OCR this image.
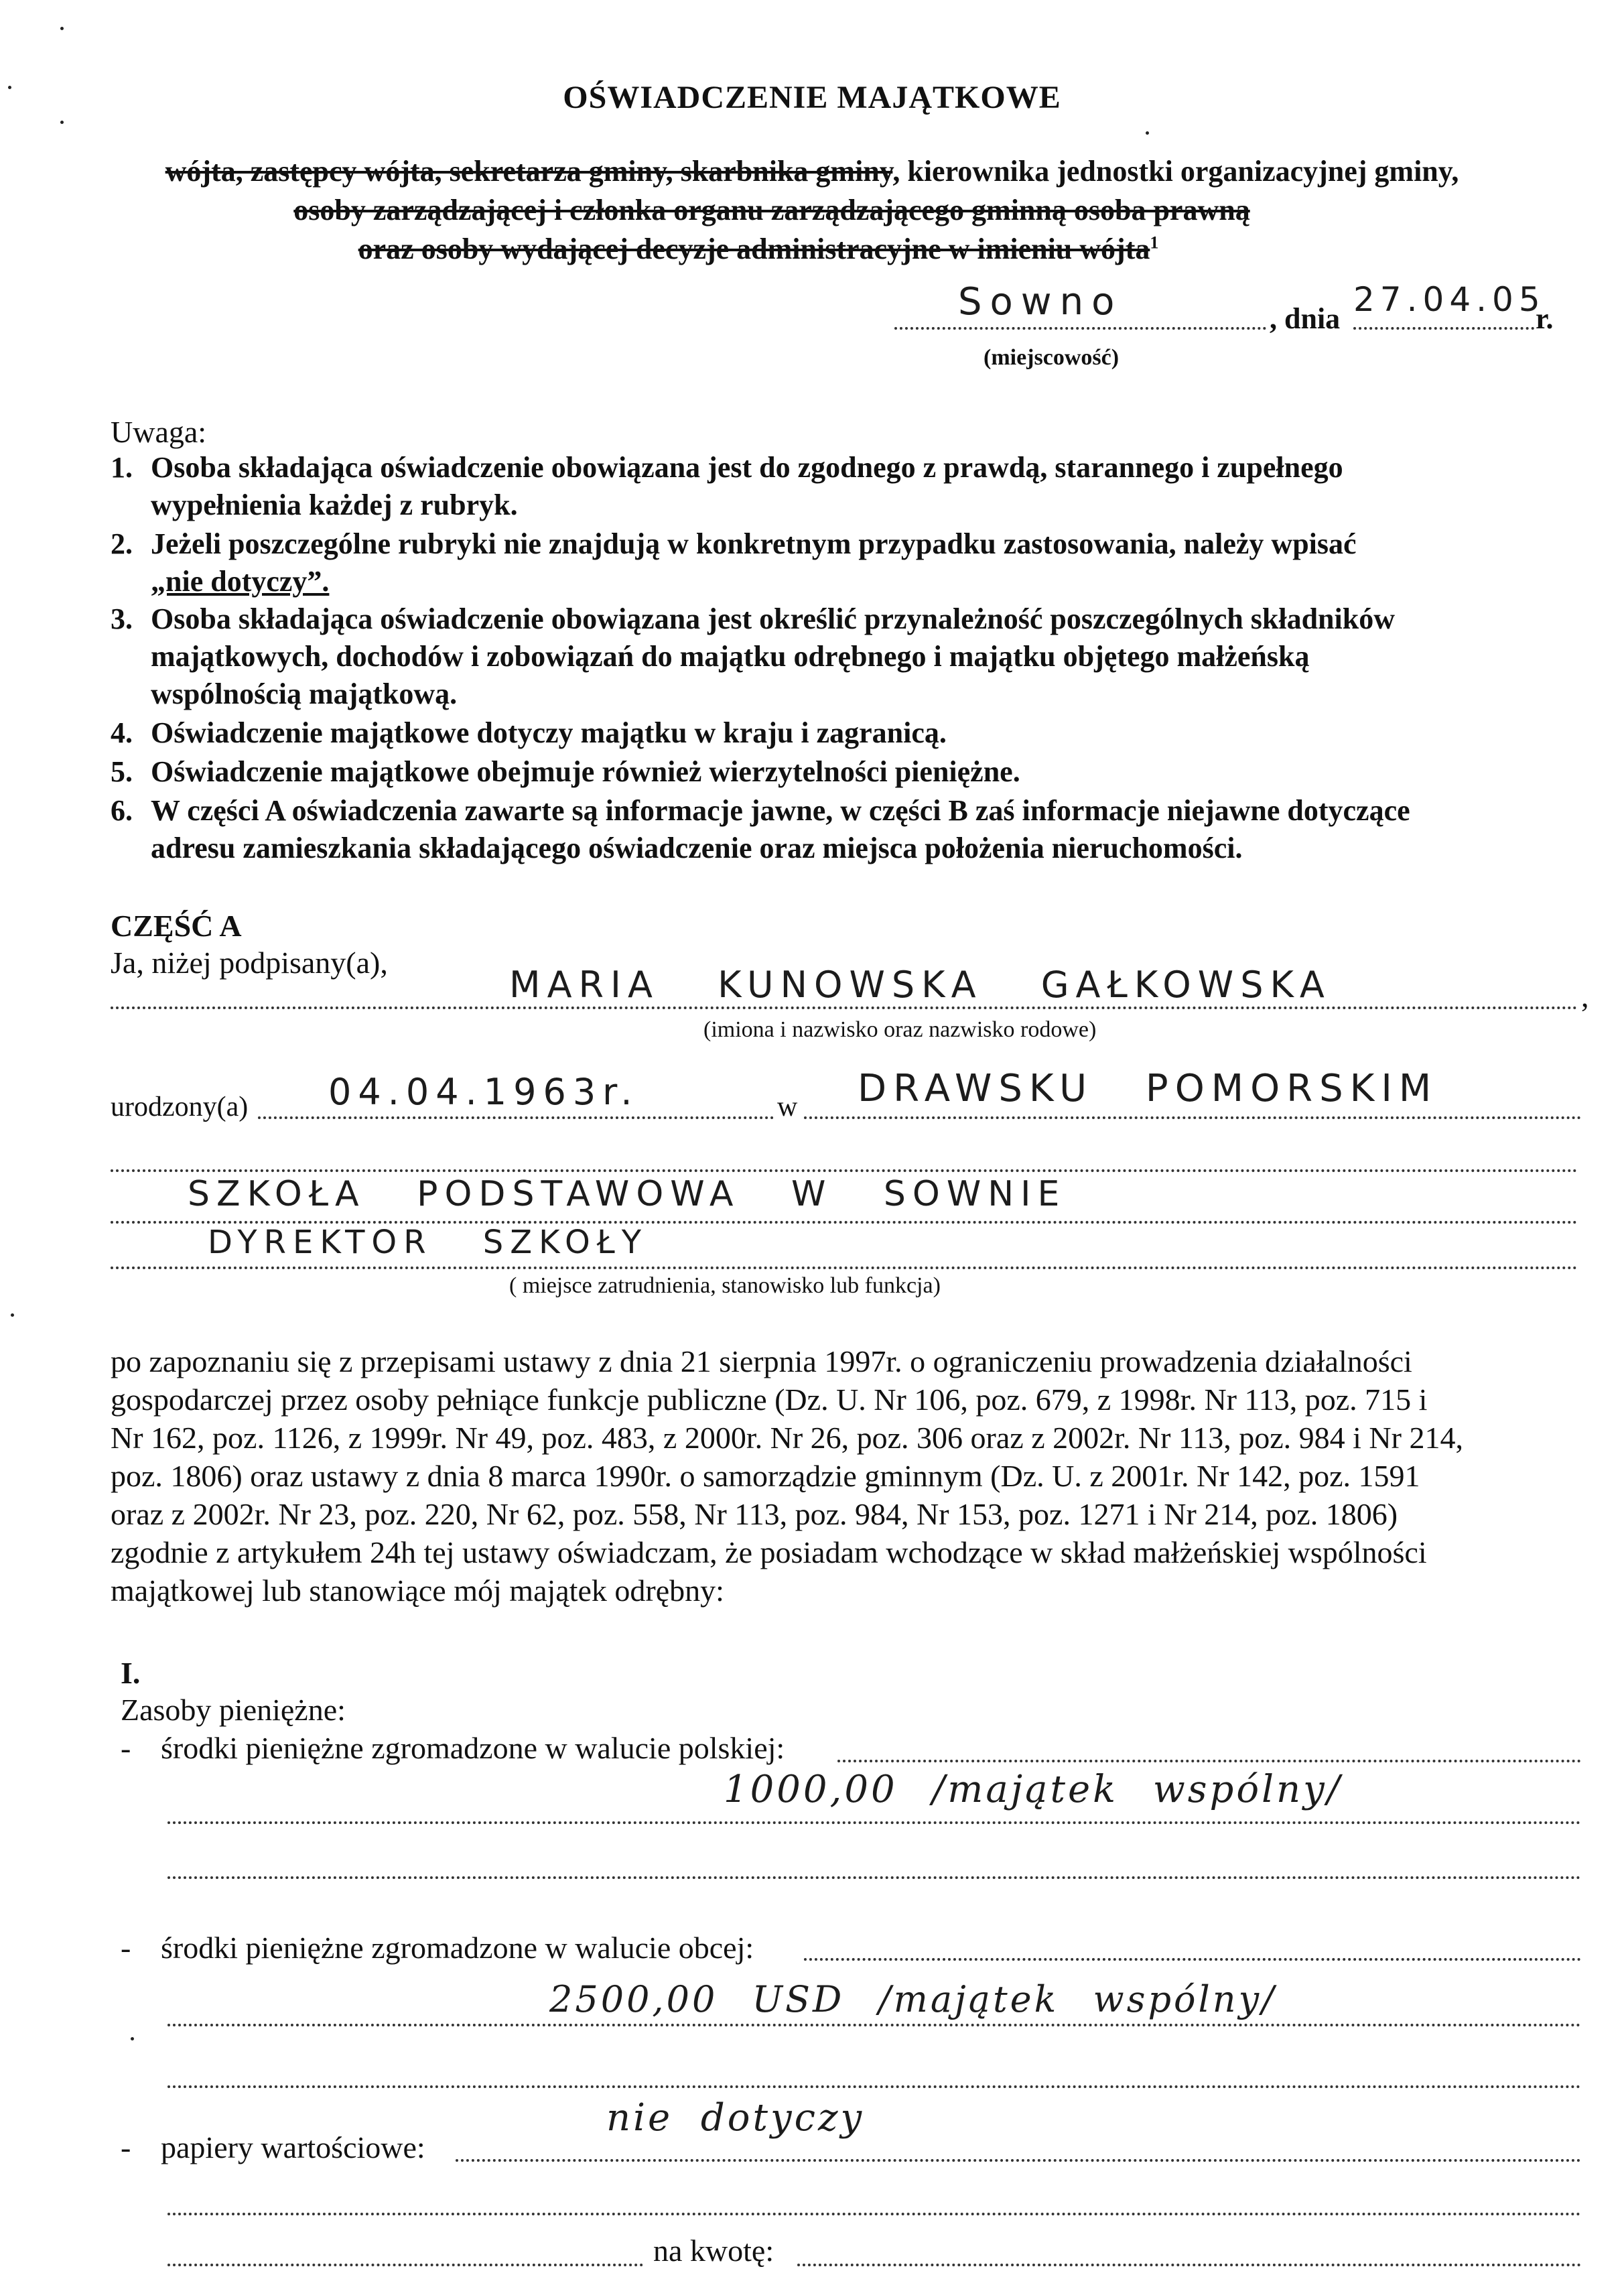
OŚWIADCZENIE MAJĄTKOWE
wójta, zastępcy wójta, sekretarza gminy, skarbnika gminy, kierownika jednostki organizacyjnej gminy,
osoby zarządzającej i członka organu zarządzającego gminną osoba prawną
oraz osoby wydającej decyzje administracyjne w imieniu wójta$^1$
Sowno	, dnia 27.04.05
r.
(miejscowość)
Uwaga:
1. Osoba składająca oświadczenie obowiązana jest do zgodnego z prawdą, starannego i zupełnego
wypełnienia każdej z rubryk.
2. Jeżeli poszczególne rubryki nie znajdują w konkretnym przypadku zastosowania, należy wpisać
„nie dotyczy”.
3. Osoba składająca oświadczenie obowiązana jest określić przynależność poszczególnych składników
majątkowych, dochodów i zobowiązań do majątku odrębnego i majątku objętego małżeńską
wspólnością majątkową.
4. Oświadczenie majątkowe dotyczy majątku w kraju i zagranicą.
5. Oświadczenie majątkowe obejmuje również wierzytelności pieniężne.
6. W części A oświadczenia zawarte są informacje jawne, w części B zaś informacje niejawne dotyczące
adresu zamieszkania składającego oświadczenie oraz miejsca położenia nieruchomości.
CZĘŚĆ A
Ja, niżej podpisany(a),
MARIA KUNOWSKA GAŁKOWSKA	,
(imiona i nazwisko oraz nazwisko rodowe)
urodzony(a) 04.04.1963r.	w DRAWSKU POMORSKIM
SZKOŁA PODSTAWOWA W SOWNIE
DYREKTOR SZKOŁY
( miejsce zatrudnienia, stanowisko lub funkcja)
po zapoznaniu się z przepisami ustawy z dnia 21 sierpnia 1997r. o ograniczeniu prowadzenia działalności
gospodarczej przez osoby pełniące funkcje publiczne (Dz. U. Nr 106, poz. 679, z 1998r. Nr 113, poz. 715 i
Nr 162, poz. 1126, z 1999r. Nr 49, poz. 483, z 2000r. Nr 26, poz. 306 oraz z 2002r. Nr 113, poz. 984 i Nr 214,
poz. 1806) oraz ustawy z dnia 8 marca 1990r. o samorządzie gminnym (Dz. U. z 2001r. Nr 142, poz. 1591
oraz z 2002r. Nr 23, poz. 220, Nr 62, poz. 558, Nr 113, poz. 984, Nr 153, poz. 1271 i Nr 214, poz. 1806)
zgodnie z artykułem 24h tej ustawy oświadczam, że posiadam wchodzące w skład małżeńskiej wspólności
majątkowej lub stanowiące mój majątek odrębny:
I.
Zasoby pieniężne:
- środki pieniężne zgromadzone w walucie polskiej:
1000,00 /majątek wspólny/
- środki pieniężne zgromadzone w walucie obcej:
2500,00 USD /majątek wspólny/
- papiery wartościowe:
nie dotyczy
na kwotę:
